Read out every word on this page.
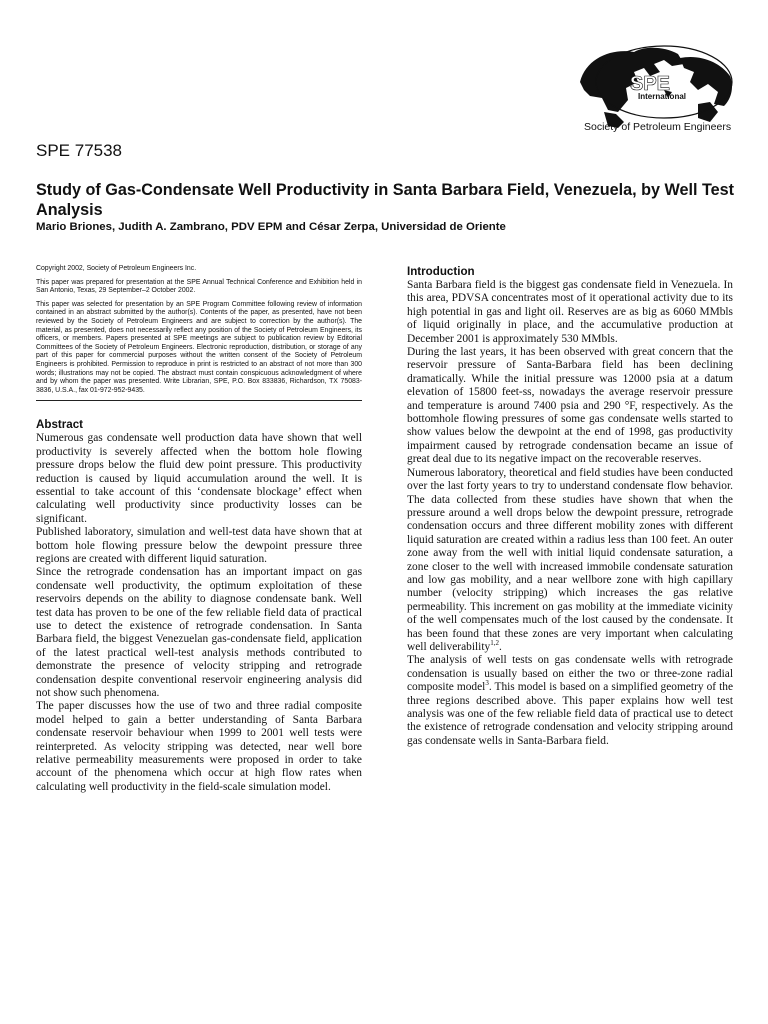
SPE
International
Society of Petroleum Engineers
SPE 77538
Study of Gas-Condensate Well Productivity in Santa Barbara Field, Venezuela, by Well Test Analysis
Mario Briones, Judith A. Zambrano, PDV EPM and César Zerpa, Universidad de Oriente

Copyright 2002, Society of Petroleum Engineers Inc.

This paper was prepared for presentation at the SPE Annual Technical Conference and Exhibition held in San Antonio, Texas, 29 September–2 October 2002.

This paper was selected for presentation by an SPE Program Committee following review of information contained in an abstract submitted by the author(s). Contents of the paper, as presented, have not been reviewed by the Society of Petroleum Engineers and are subject to correction by the author(s). The material, as presented, does not necessarily reflect any position of the Society of Petroleum Engineers, its officers, or members. Papers presented at SPE meetings are subject to publication review by Editorial Committees of the Society of Petroleum Engineers. Electronic reproduction, distribution, or storage of any part of this paper for commercial purposes without the written consent of the Society of Petroleum Engineers is prohibited. Permission to reproduce in print is restricted to an abstract of not more than 300 words; illustrations may not be copied. The abstract must contain conspicuous acknowledgment of where and by whom the paper was presented. Write Librarian, SPE, P.O. Box 833836, Richardson, TX 75083-3836, U.S.A., fax 01-972-952-9435.

Abstract

Numerous gas condensate well production data have shown that well productivity is severely affected when the bottom hole flowing pressure drops below the fluid dew point pressure. This productivity reduction is caused by liquid accumulation around the well. It is essential to take account of this ‘condensate blockage’ effect when calculating well productivity since productivity losses can be significant.

Published laboratory, simulation and well-test data have shown that at bottom hole flowing pressure below the dewpoint pressure three regions are created with different liquid saturation.

Since the retrograde condensation has an important impact on gas condensate well productivity, the optimum exploitation of these reservoirs depends on the ability to diagnose condensate bank. Well test data has proven to be one of the few reliable field data of practical use to detect the existence of retrograde condensation. In Santa Barbara field, the biggest Venezuelan gas-condensate field, application of the latest practical well-test analysis methods contributed to demonstrate the presence of velocity stripping and retrograde condensation despite conventional reservoir engineering analysis did not show such phenomena.

The paper discusses how the use of two and three radial composite model helped to gain a better understanding of Santa Barbara condensate reservoir behaviour when 1999 to 2001 well tests were reinterpreted. As velocity stripping was detected, near well bore relative permeability measurements were proposed in order to take account of the phenomena which occur at high flow rates when calculating well productivity in the field-scale simulation model.

Introduction

Santa Barbara field is the biggest gas condensate field in Venezuela. In this area, PDVSA concentrates most of it operational activity due to its high potential in gas and light oil. Reserves are as big as 6060 MMbls of liquid originally in place, and the accumulative production at December 2001 is approximately 530 MMbls.

During the last years, it has been observed with great concern that the reservoir pressure of Santa-Barbara field has been declining dramatically. While the initial pressure was 12000 psia at a datum elevation of 15800 feet-ss, nowadays the average reservoir pressure and temperature is around 7400 psia and 290 °F, respectively. As the bottomhole flowing pressures of some gas condensate wells started to show values below the dewpoint at the end of 1998, gas productivity impairment caused by retrograde condensation became an issue of great deal due to its negative impact on the recoverable reserves.

Numerous laboratory, theoretical and field studies have been conducted over the last forty years to try to understand condensate flow behavior. The data collected from these studies have shown that when the pressure around a well drops below the dewpoint pressure, retrograde condensation occurs and three different mobility zones with different liquid saturation are created within a radius less than 100 feet. An outer zone away from the well with initial liquid condensate saturation, a zone closer to the well with increased immobile condensate saturation and low gas mobility, and a near wellbore zone with high capillary number (velocity stripping) which increases the gas relative permeability. This increment on gas mobility at the immediate vicinity of the well compensates much of the lost caused by the condensate. It has been found that these zones are very important when calculating well deliverability$^{1,2}$.

The analysis of well tests on gas condensate wells with retrograde condensation is usually based on either the two or three-zone radial composite model$^3$. This model is based on a simplified geometry of the three regions described above. This paper explains how well test analysis was one of the few reliable field data of practical use to detect the existence of retrograde condensation and velocity stripping around gas condensate wells in Santa-Barbara field.
